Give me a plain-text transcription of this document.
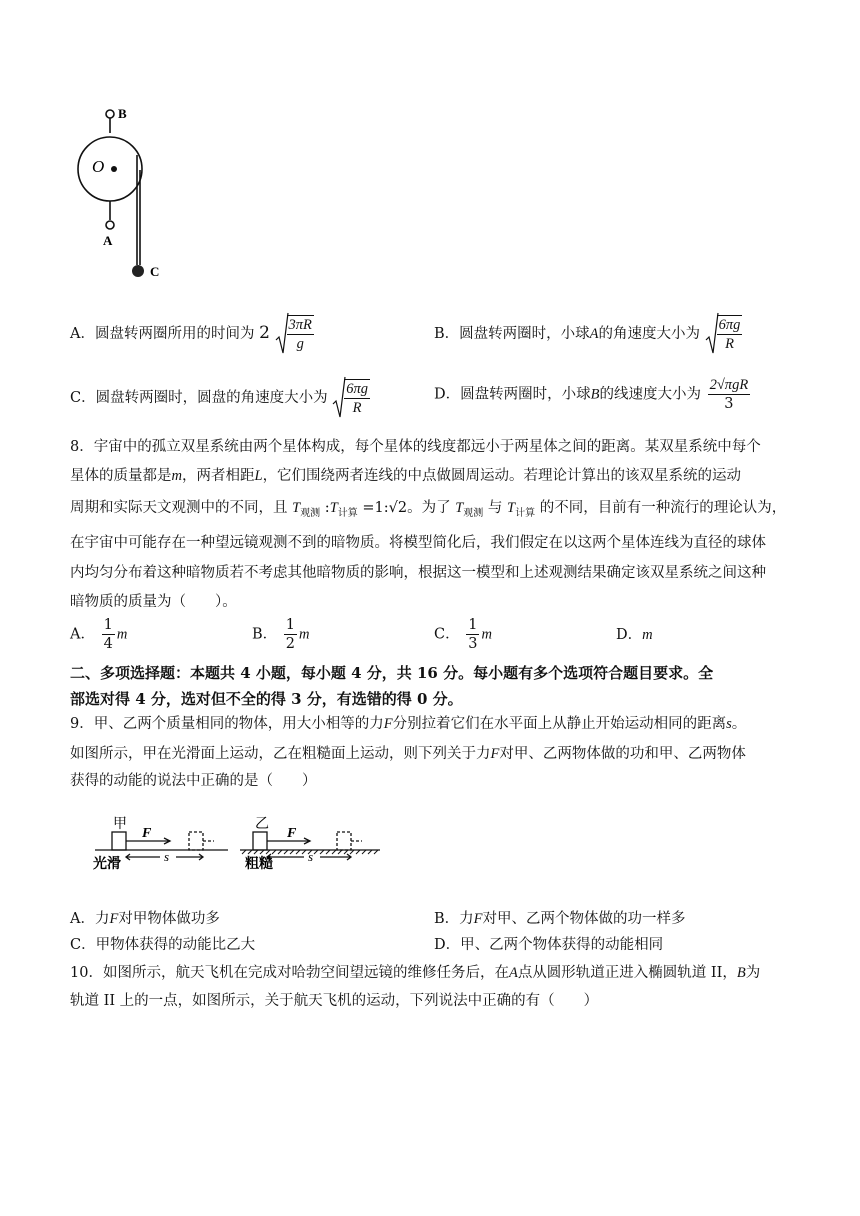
B
O
A
C
A．圆盘转两圈所用的时间为 $2 \frac{3\pi R}{g}$	B．圆盘转两圈时，小球A的角速度大小为 $\frac{6\pi g}{R}$
C．圆盘转两圈时，圆盘的角速度大小为 $\frac{6\pi g}{R}$	D．圆盘转两圈时，小球B的线速度大小为 $\frac{\text{2√πgR}}{3}$
8．宇宙中的孤立双星系统由两个星体构成，每个星体的线度都远小于两星体之间的距离。某双星系统中每个
星体的质量都是m，两者相距L，它们围绕两者连线的中点做圆周运动。若理论计算出的该双星系统的运动
周期和实际天文观测中的不同，且 $T_{观测}$ $:T_{计算}$ =1:√2。为了 $T_{观测}$ 与 $T_{计算}$ 的不同，目前有一种流行的理论认为，
在宇宙中可能存在一种望远镜观测不到的暗物质。将模型简化后，我们假定在以这两个星体连线为直径的球体
内均匀分布着这种暗物质若不考虑其他暗物质的影响，根据这一模型和上述观测结果确定该双星系统之间这种
暗物质的质量为（　　）。
A． $\frac{1}{4}$ m	B． $\frac{1}{2}$ m	C． $\frac{1}{3}$ m	D．m
二、多项选择题：本题共 4 小题，每小题 4 分，共 16 分。每小题有多个选项符合题目要求。全
部选对得 4 分，选对但不全的得 3 分，有选错的得 0 分。
9．甲、乙两个质量相同的物体，用大小相等的力F分别拉着它们在水平面上从静止开始运动相同的距离s。
如图所示，甲在光滑面上运动，乙在粗糙面上运动，则下列关于力F对甲、乙两物体做的功和甲、乙两物体
获得的动能的说法中正确的是（　　）
甲
F
s
光滑
乙
F
s
粗糙
A．力F对甲物体做功多	B．力F对甲、乙两个物体做的功一样多
C．甲物体获得的动能比乙大	D．甲、乙两个物体获得的动能相同
10．如图所示，航天飞机在完成对哈勃空间望远镜的维修任务后，在A点从圆形轨道正进入椭圆轨道 II，B为
轨道 II 上的一点，如图所示，关于航天飞机的运动，下列说法中正确的有（　　）
